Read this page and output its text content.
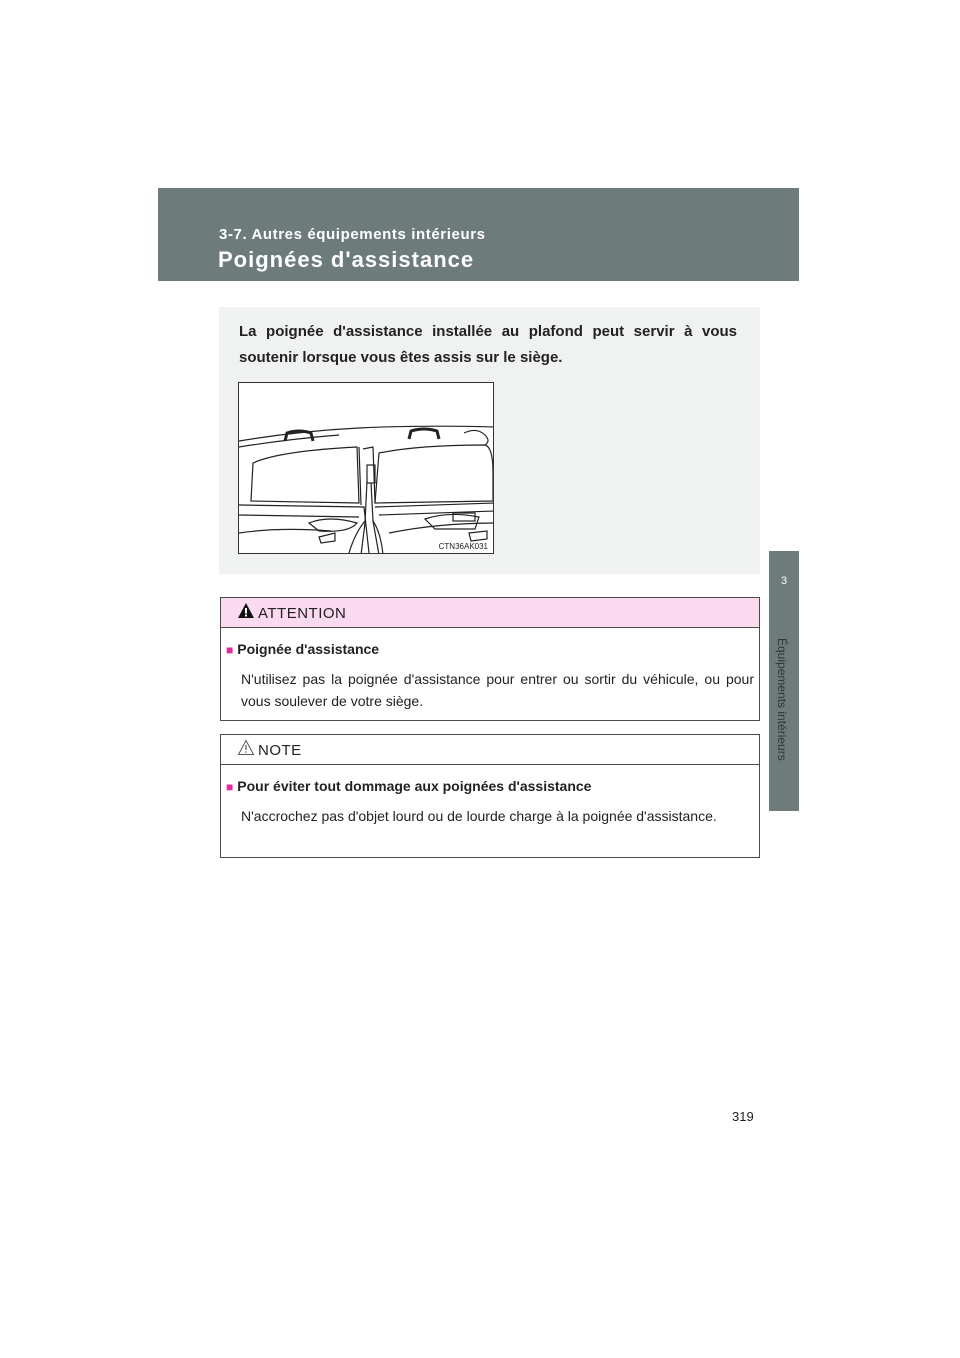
3-7. Autres équipements intérieurs
Poignées d'assistance
3
Équipements intérieurs
La poignée d'assistance installée au plafond peut servir à vous soutenir lorsque vous êtes assis sur le siège.
CTN36AK031
ATTENTION
■ Poignée d'assistance
N'utilisez pas la poignée d'assistance pour entrer ou sortir du véhicule, ou pour vous soulever de votre siège.
NOTE
■ Pour éviter tout dommage aux poignées d'assistance
N'accrochez pas d'objet lourd ou de lourde charge à la poignée d'assistance.
319
